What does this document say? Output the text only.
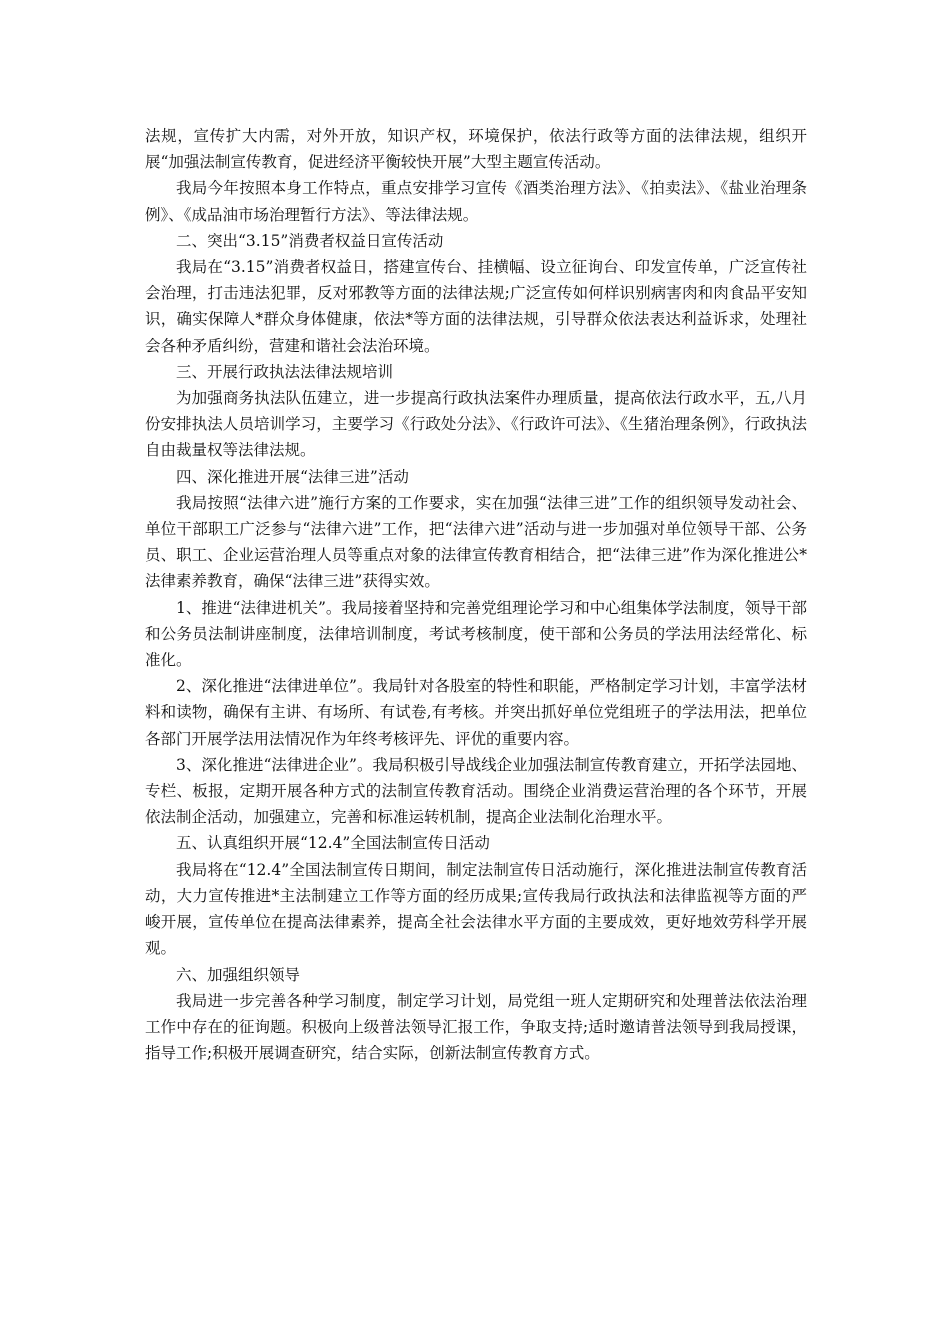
法规，宣传扩大内需，对外开放，知识产权，环境保护，依法行政等方面的法律法规，组织开展“加强法制宣传教育，促进经济平衡较快开展”大型主题宣传活动。

我局今年按照本身工作特点，重点安排学习宣传《酒类治理方法》、《拍卖法》、《盐业治理条例》、《成品油市场治理暂行方法》、等法律法规。

二、突出“3.15”消费者权益日宣传活动

我局在“3.15”消费者权益日，搭建宣传台、挂横幅、设立征询台、印发宣传单，广泛宣传社会治理，打击违法犯罪，反对邪教等方面的法律法规;广泛宣传如何样识别病害肉和肉食品平安知识，确实保障人*群众身体健康，依法*等方面的法律法规，引导群众依法表达利益诉求，处理社会各种矛盾纠纷，营建和谐社会法治环境。

三、开展行政执法法律法规培训

为加强商务执法队伍建立，进一步提高行政执法案件办理质量，提高依法行政水平，五,八月份安排执法人员培训学习，主要学习《行政处分法》、《行政许可法》、《生猪治理条例》，行政执法自由裁量权等法律法规。

四、深化推进开展“法律三进”活动

我局按照“法律六进”施行方案的工作要求，实在加强“法律三进”工作的组织领导发动社会、单位干部职工广泛参与“法律六进”工作，把“法律六进”活动与进一步加强对单位领导干部、公务员、职工、企业运营治理人员等重点对象的法律宣传教育相结合，把“法律三进”作为深化推进公*法律素养教育，确保“法律三进”获得实效。

1、推进“法律进机关”。我局接着坚持和完善党组理论学习和中心组集体学法制度，领导干部和公务员法制讲座制度，法律培训制度，考试考核制度，使干部和公务员的学法用法经常化、标准化。

2、深化推进“法律进单位”。我局针对各股室的特性和职能，严格制定学习计划，丰富学法材料和读物，确保有主讲、有场所、有试卷,有考核。并突出抓好单位党组班子的学法用法，把单位各部门开展学法用法情况作为年终考核评先、评优的重要内容。

3、深化推进“法律进企业”。我局积极引导战线企业加强法制宣传教育建立，开拓学法园地、专栏、板报，定期开展各种方式的法制宣传教育活动。围绕企业消费运营治理的各个环节，开展依法制企活动，加强建立，完善和标准运转机制，提高企业法制化治理水平。

五、认真组织开展“12.4”全国法制宣传日活动

我局将在“12.4”全国法制宣传日期间，制定法制宣传日活动施行，深化推进法制宣传教育活动，大力宣传推进*主法制建立工作等方面的经历成果;宣传我局行政执法和法律监视等方面的严峻开展，宣传单位在提高法律素养，提高全社会法律水平方面的主要成效，更好地效劳科学开展观。

六、加强组织领导

我局进一步完善各种学习制度，制定学习计划，局党组一班人定期研究和处理普法依法治理工作中存在的征询题。积极向上级普法领导汇报工作，争取支持;适时邀请普法领导到我局授课，指导工作;积极开展调查研究，结合实际，创新法制宣传教育方式。
